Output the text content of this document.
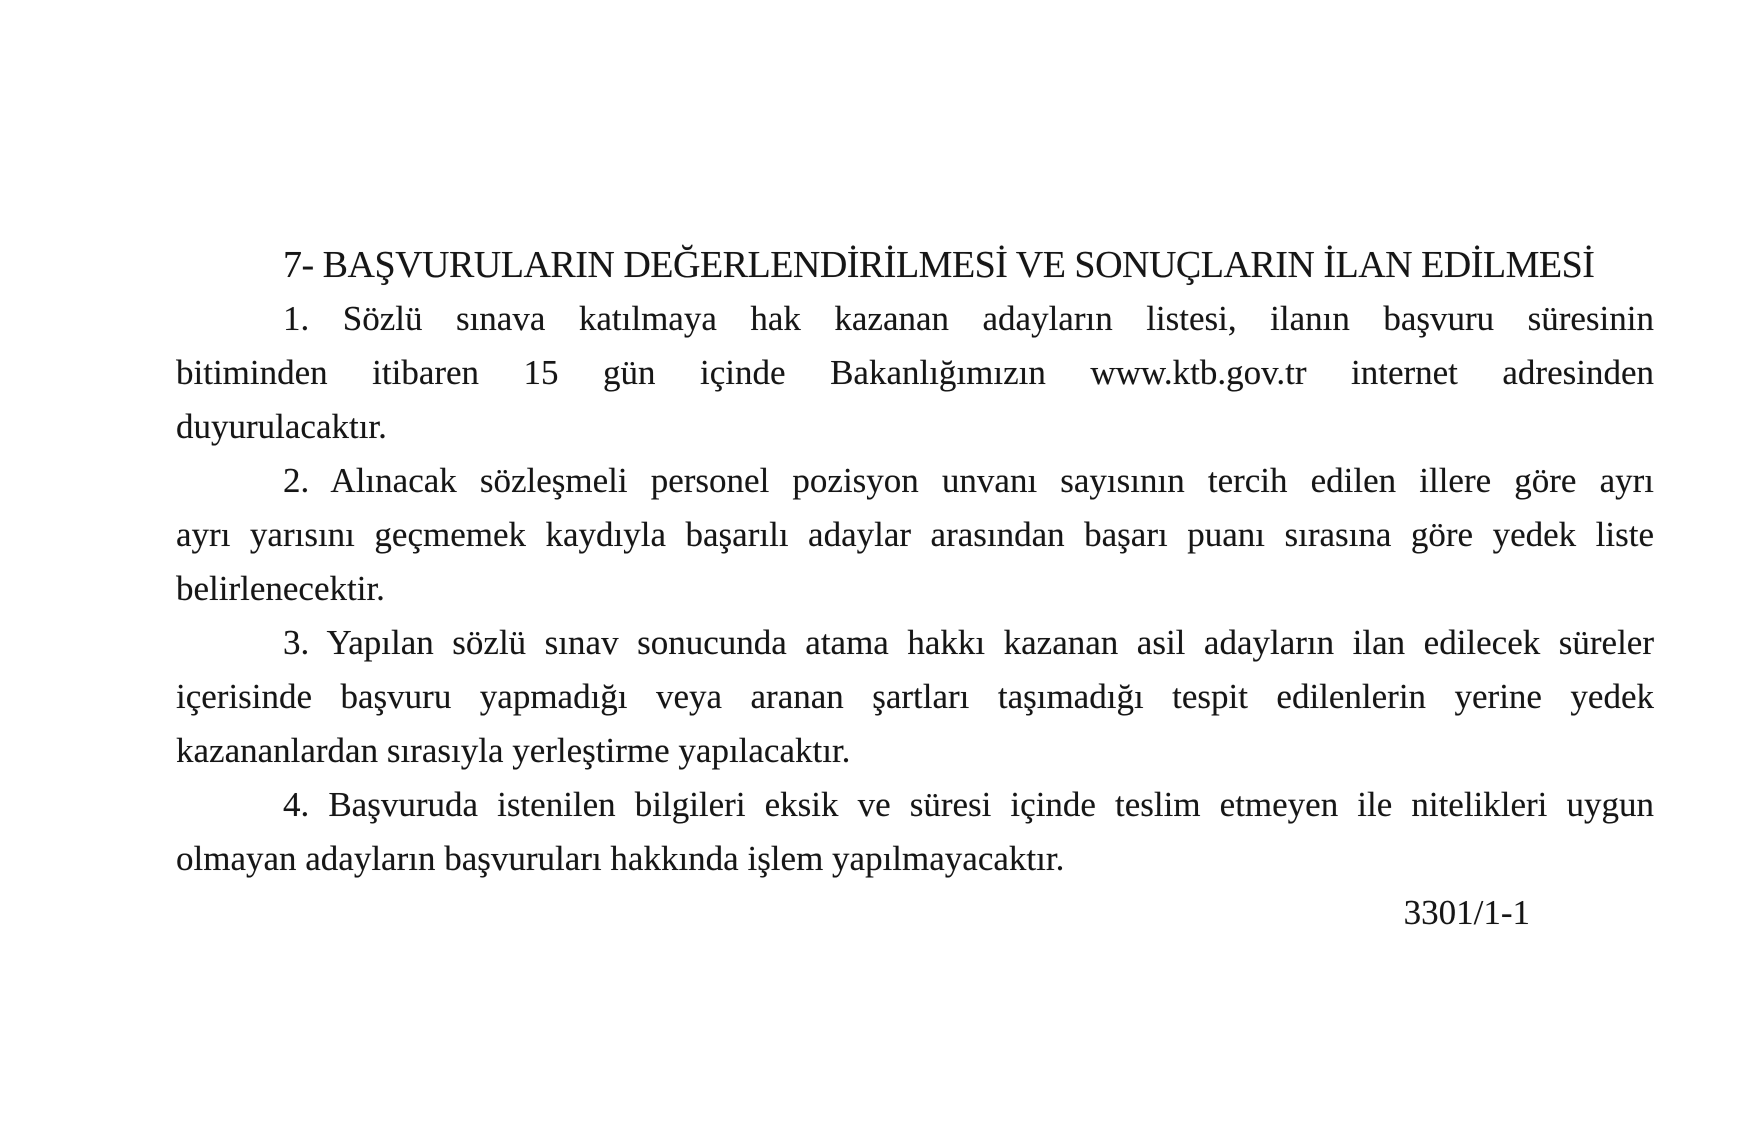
7- BAŞVURULARIN DEĞERLENDİRİLMESİ VE SONUÇLARIN İLAN EDİLMESİ
1. Sözlü sınava katılmaya hak kazanan adayların listesi, ilanın başvuru süresinin
bitiminden itibaren 15 gün içinde Bakanlığımızın www.ktb.gov.tr internet adresinden
duyurulacaktır.
2. Alınacak sözleşmeli personel pozisyon unvanı sayısının tercih edilen illere göre ayrı
ayrı yarısını geçmemek kaydıyla başarılı adaylar arasından başarı puanı sırasına göre yedek liste
belirlenecektir.
3. Yapılan sözlü sınav sonucunda atama hakkı kazanan asil adayların ilan edilecek süreler
içerisinde başvuru yapmadığı veya aranan şartları taşımadığı tespit edilenlerin yerine yedek
kazananlardan sırasıyla yerleştirme yapılacaktır.
4. Başvuruda istenilen bilgileri eksik ve süresi içinde teslim etmeyen ile nitelikleri uygun
olmayan adayların başvuruları hakkında işlem yapılmayacaktır.
3301/1-1
